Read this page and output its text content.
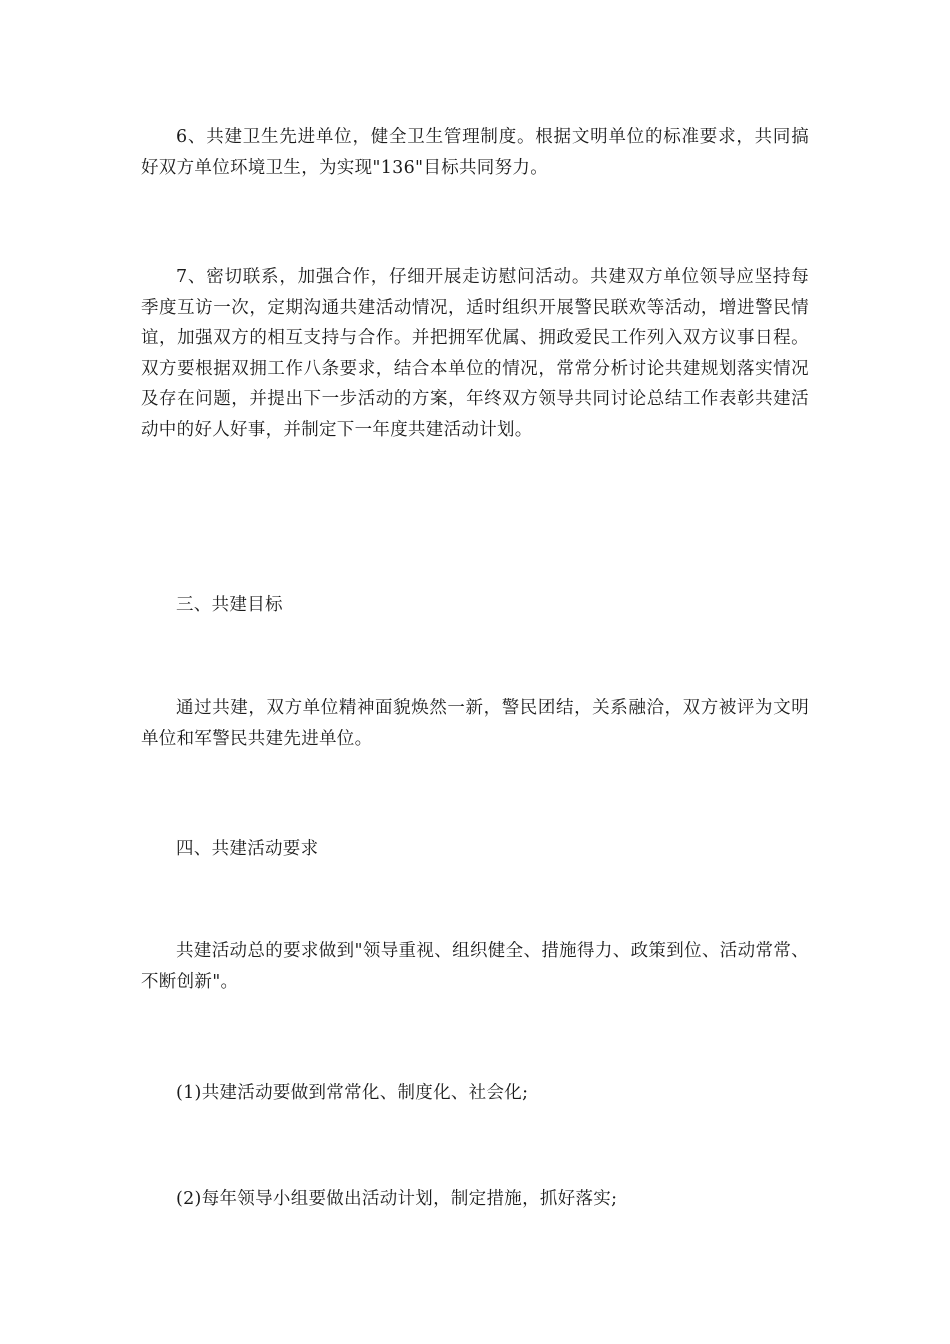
6、共建卫生先进单位，健全卫生管理制度。根据文明单位的标准要求，共同搞好双方单位环境卫生，为实现"136"目标共同努力。

7、密切联系，加强合作，仔细开展走访慰问活动。共建双方单位领导应坚持每季度互访一次，定期沟通共建活动情况，适时组织开展警民联欢等活动，增进警民情谊，加强双方的相互支持与合作。并把拥军优属、拥政爱民工作列入双方议事日程。双方要根据双拥工作八条要求，结合本单位的情况，常常分析讨论共建规划落实情况及存在问题，并提出下一步活动的方案，年终双方领导共同讨论总结工作表彰共建活动中的好人好事，并制定下一年度共建活动计划。

三、共建目标

通过共建，双方单位精神面貌焕然一新，警民团结，关系融洽，双方被评为文明单位和军警民共建先进单位。

四、共建活动要求

共建活动总的要求做到"领导重视、组织健全、措施得力、政策到位、活动常常、不断创新"。

(1)共建活动要做到常常化、制度化、社会化;

(2)每年领导小组要做出活动计划，制定措施，抓好落实;
